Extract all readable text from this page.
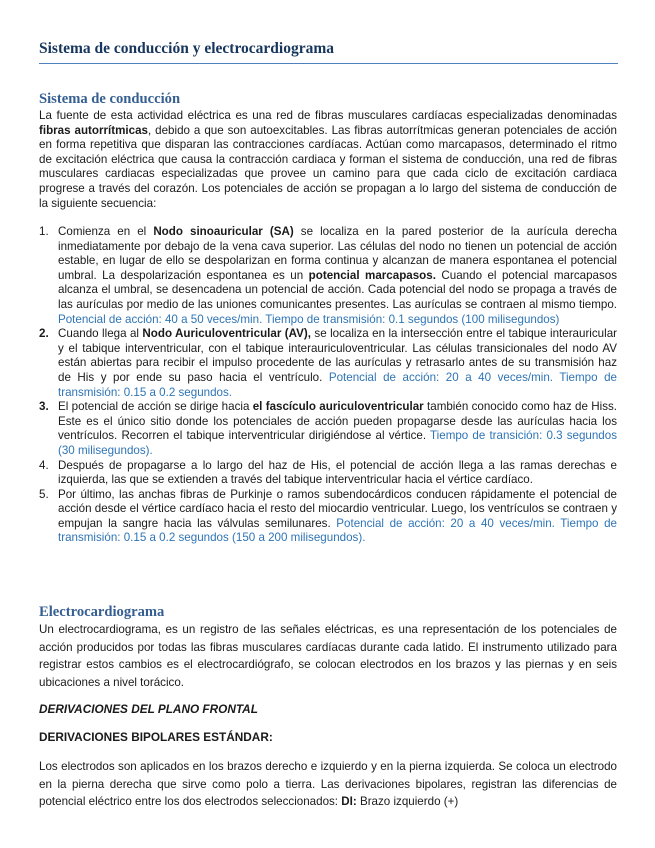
Sistema de conducción y electrocardiograma
Sistema de conducción

La fuente de esta actividad eléctrica es una red de fibras musculares cardíacas especializadas denominadas fibras autorrítmicas, debido a que son autoexcitables. Las fibras autorrítmicas generan potenciales de acción en forma repetitiva que disparan las contracciones cardíacas. Actúan como marcapasos, determinado el ritmo de excitación eléctrica que causa la contracción cardiaca y forman el sistema de conducción, una red de fibras musculares cardiacas especializadas que provee un camino para que cada ciclo de excitación cardiaca progrese a través del corazón. Los potenciales de acción se propagan a lo largo del sistema de conducción de la siguiente secuencia:

1. Comienza en el Nodo sinoauricular (SA) se localiza en la pared posterior de la aurícula derecha inmediatamente por debajo de la vena cava superior. Las células del nodo no tienen un potencial de acción estable, en lugar de ello se despolarizan en forma continua y alcanzan de manera espontanea el potencial umbral. La despolarización espontanea es un potencial marcapasos. Cuando el potencial marcapasos alcanza el umbral, se desencadena un potencial de acción. Cada potencial del nodo se propaga a través de las aurículas por medio de las uniones comunicantes presentes. Las aurículas se contraen al mismo tiempo. Potencial de acción: 40 a 50 veces/min. Tiempo de transmisión: 0.1 segundos (100 milisegundos)
2. Cuando llega al Nodo Auriculoventricular (AV), se localiza en la intersección entre el tabique interauricular y el tabique interventricular, con el tabique interauriculoventricular. Las células transicionales del nodo AV están abiertas para recibir el impulso procedente de las aurículas y retrasarlo antes de su transmisión haz de His y por ende su paso hacia el ventrículo. Potencial de acción: 20 a 40 veces/min. Tiempo de transmisión: 0.15 a 0.2 segundos.
3. El potencial de acción se dirige hacia el fascículo auriculoventricular también conocido como haz de Hiss. Este es el único sitio donde los potenciales de acción pueden propagarse desde las aurículas hacia los ventrículos. Recorren el tabique interventricular dirigiéndose al vértice. Tiempo de transición: 0.3 segundos (30 milisegundos).
4. Después de propagarse a lo largo del haz de His, el potencial de acción llega a las ramas derechas e izquierda, las que se extienden a través del tabique interventricular hacia el vértice cardíaco.
5. Por último, las anchas fibras de Purkinje o ramos subendocárdicos conducen rápidamente el potencial de acción desde el vértice cardíaco hacia el resto del miocardio ventricular. Luego, los ventrículos se contraen y empujan la sangre hacia las válvulas semilunares. Potencial de acción: 20 a 40 veces/min. Tiempo de transmisión: 0.15 a 0.2 segundos (150 a 200 milisegundos).
Electrocardiograma

Un electrocardiograma, es un registro de las señales eléctricas, es una representación de los potenciales de acción producidos por todas las fibras musculares cardíacas durante cada latido. El instrumento utilizado para registrar estos cambios es el electrocardiógrafo, se colocan electrodos en los brazos y las piernas y en seis ubicaciones a nivel torácico.

DERIVACIONES DEL PLANO FRONTAL

DERIVACIONES BIPOLARES ESTÁNDAR:

Los electrodos son aplicados en los brazos derecho e izquierdo y en la pierna izquierda. Se coloca un electrodo en la pierna derecha que sirve como polo a tierra. Las derivaciones bipolares, registran las diferencias de potencial eléctrico entre los dos electrodos seleccionados: DI: Brazo izquierdo (+)
